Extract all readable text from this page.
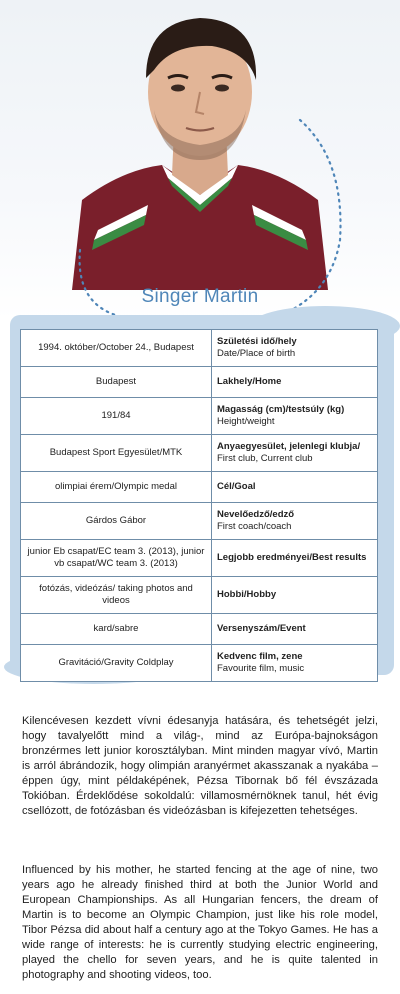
Singer Martin
1994. október/October 24., Budapest	Születési idő/hely
Date/Place of birth
Budapest	Lakhely/Home
191/84	Magasság (cm)/testsúly (kg)
Height/weight
Budapest Sport Egyesület/MTK	Anyaegyesület, jelenlegi klubja/
First club, Current club
olimpiai érem/Olympic medal	Cél/Goal
Gárdos Gábor	Nevelőedző/edző
First coach/coach
junior Eb csapat/EC team 3. (2013), junior vb csapat/WC team 3. (2013)	Legjobb eredményei/Best results
fotózás, videózás/ taking photos and videos	Hobbi/Hobby
kard/sabre	Versenyszám/Event
Gravitáció/Gravity Coldplay	Kedvenc film, zene
Favourite film, music

Kilencévesen kezdett vívni édesanyja hatására, és tehetségét jelzi, hogy tavalyelőtt mind a világ-, mind az Európa-bajnokságon bronzérmes lett junior korosztályban. Mint minden magyar vívó, Martin is arról ábrándozik, hogy olimpián aranyérmet akasszanak a nyakába – éppen úgy, mint példaképének, Pézsa Tibornak bő fél évszázada Tokióban. Érdeklődése sokoldalú: villamosmérnöknek tanul, hét évig csellózott, de fotózásban és videózásban is kifejezetten tehetséges.

Influenced by his mother, he started fencing at the age of nine, two years ago he already finished third at both the Junior World and European Championships. As all Hungarian fencers, the dream of Martin is to become an Olympic Champion, just like his role model, Tibor Pézsa did about half a century ago at the Tokyo Games. He has a wide range of interests: he is currently studying electric engineering, played the chello for seven years, and he is quite talented in photography and shooting videos, too.
